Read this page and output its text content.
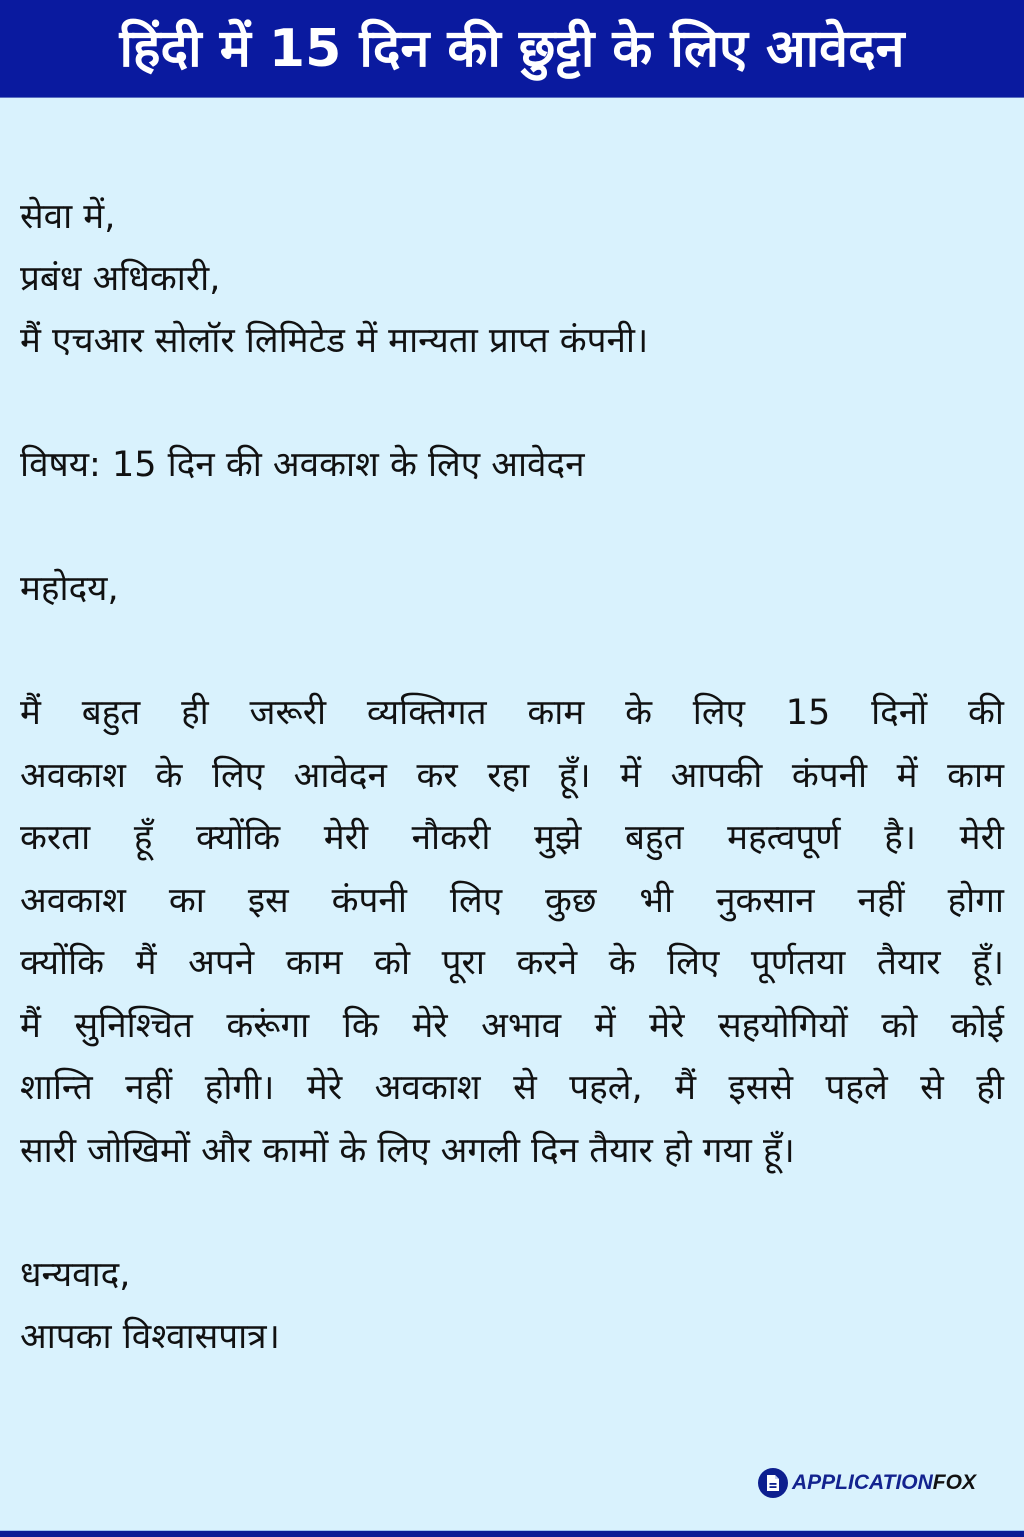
हिंदी में 15 दिन की छुट्टी के लिए आवेदन
सेवा में,
प्रबंध अधिकारी,
मैं एचआर सोलॉर लिमिटेड में मान्यता प्राप्त कंपनी।
विषय: 15 दिन की अवकाश के लिए आवेदन
महोदय,
मैं बहुत ही जरूरी व्यक्तिगत काम के लिए 15 दिनों की
अवकाश के लिए आवेदन कर रहा हूँ। में आपकी कंपनी में काम
करता हूँ क्योंकि मेरी नौकरी मुझे बहुत महत्वपूर्ण है। मेरी
अवकाश का इस कंपनी लिए कुछ भी नुकसान नहीं होगा
क्योंकि मैं अपने काम को पूरा करने के लिए पूर्णतया तैयार हूँ।
मैं सुनिश्चित करूंगा कि मेरे अभाव में मेरे सहयोगियों को कोई
शान्ति नहीं होगी। मेरे अवकाश से पहले, मैं इससे पहले से ही
सारी जोखिमों और कामों के लिए अगली दिन तैयार हो गया हूँ।
धन्यवाद,
आपका विश्वासपात्र।
APPLICATIONFOX
